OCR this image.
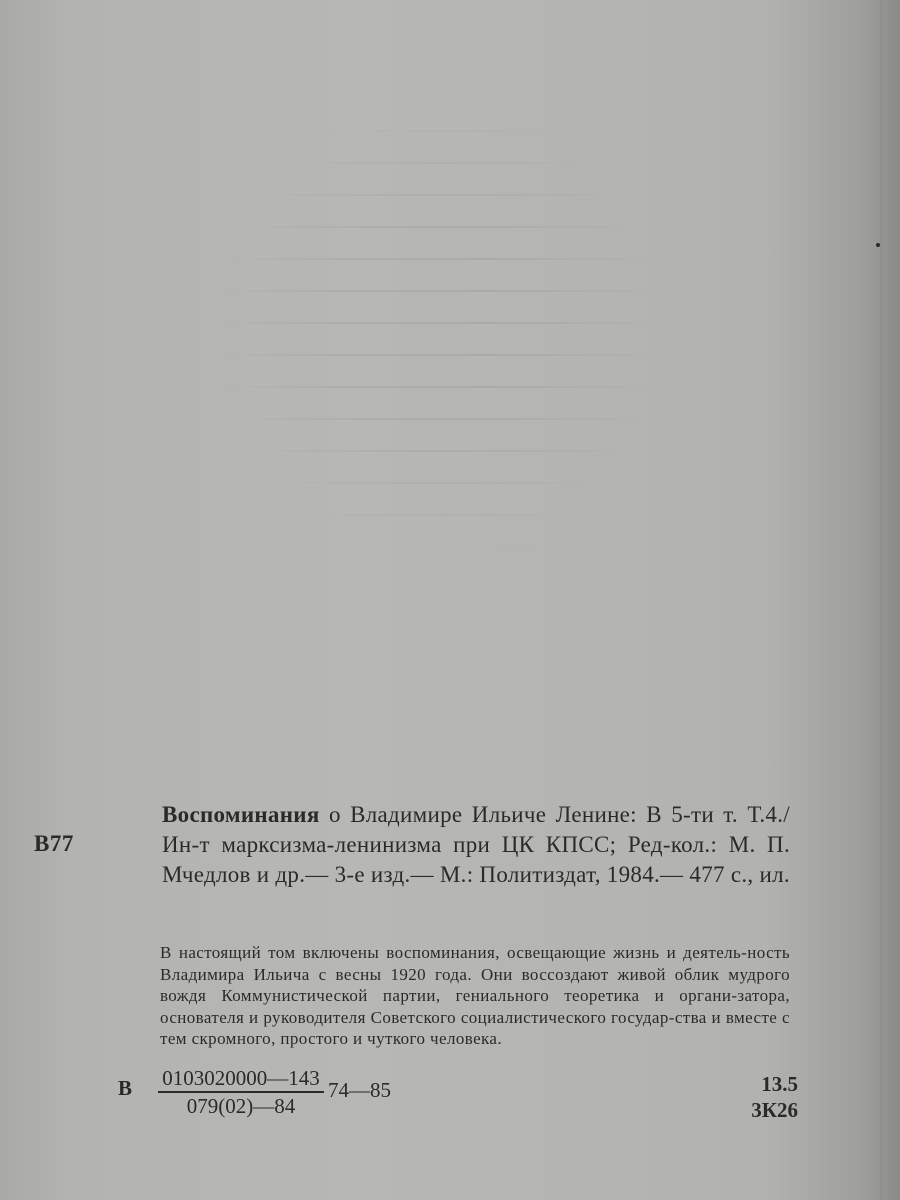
В77
Воспоминания о Владимире Ильиче Ленине: В 5-ти т. Т.4./ Ин-т марксизма-ленинизма при ЦК КПСС; Ред-кол.: М. П. Мчедлов и др.— 3-е изд.— М.: Политиздат, 1984.— 477 с., ил.
В настоящий том включены воспоминания, освещающие жизнь и деятель-ность Владимира Ильича с весны 1920 года. Они воссоздают живой облик мудрого вождя Коммунистической партии, гениального теоретика и органи-затора, основателя и руководителя Советского социалистического государ-ства и вместе с тем скромного, простого и чуткого человека.
В 0103020000—143
079(02)—84
74—85	13.5
3К26
